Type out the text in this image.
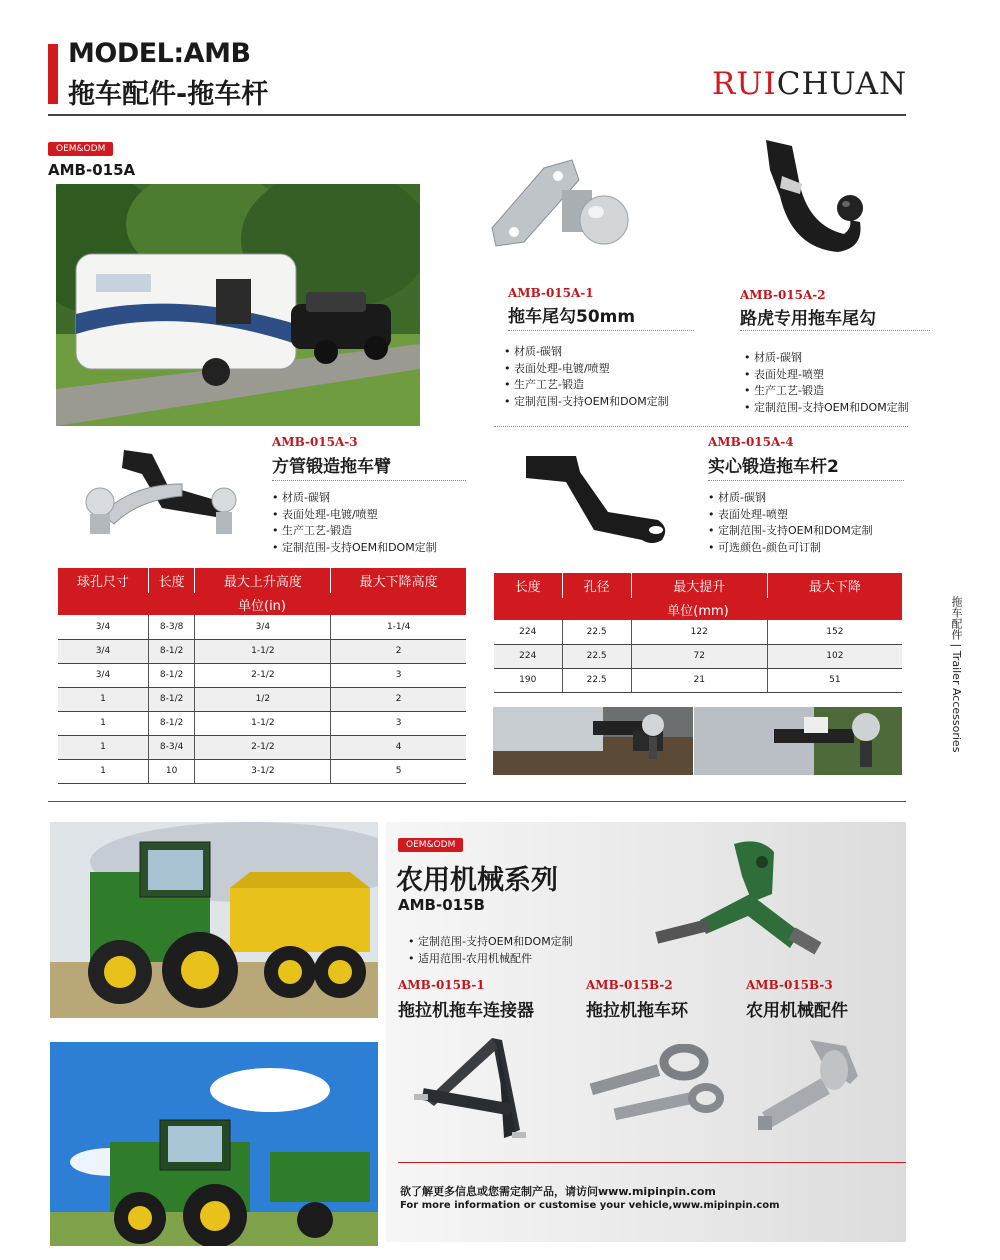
MODEL:AMB
拖车配件-拖车杆	RUICHUAN
OEM&ODM
AMB-015A
AMB-015A-1
拖车尾勾50mm
• 材质-碳钢
• 表面处理-电镀/喷塑
• 生产工艺-锻造
• 定制范围-支持OEM和DOM定制
AMB-015A-2
路虎专用拖车尾勾
• 材质-碳钢
• 表面处理-喷塑
• 生产工艺-锻造
• 定制范围-支持OEM和DOM定制
AMB-015A-3
方管锻造拖车臂
• 材质-碳钢
• 表面处理-电镀/喷塑
• 生产工艺-锻造
• 定制范围-支持OEM和DOM定制
AMB-015A-4
实心锻造拖车杆2
• 材质-碳钢
• 表面处理-喷塑
• 定制范围-支持OEM和DOM定制
• 可选颜色-颜色可订制
球孔尺寸	长度	最大上升高度	最大下降高度
单位(in)			
3/4	8-3/8	3/4	1-1/4
3/4	8-1/2	1-1/2	2
3/4	8-1/2	2-1/2	3
1	8-1/2	1/2	2
1	8-1/2	1-1/2	3
1	8-3/4	2-1/2	4
1	10	3-1/2	5
长度	孔径	最大提升	最大下降
单位(mm)			
224	22.5	122	152
224	22.5	72	102
190	22.5	21	51	拖车配件 | Trailer Accessories
OEM&ODM
农用机械系列
AMB-015B
• 定制范围-支持OEM和DOM定制
• 适用范围-农用机械配件
AMB-015B-1
拖拉机拖车连接器
AMB-015B-2
拖拉机拖车环
AMB-015B-3
农用机械配件
欲了解更多信息或您需定制产品，请访问www.mipinpin.com
For more information or customise your vehicle,www.mipinpin.com
